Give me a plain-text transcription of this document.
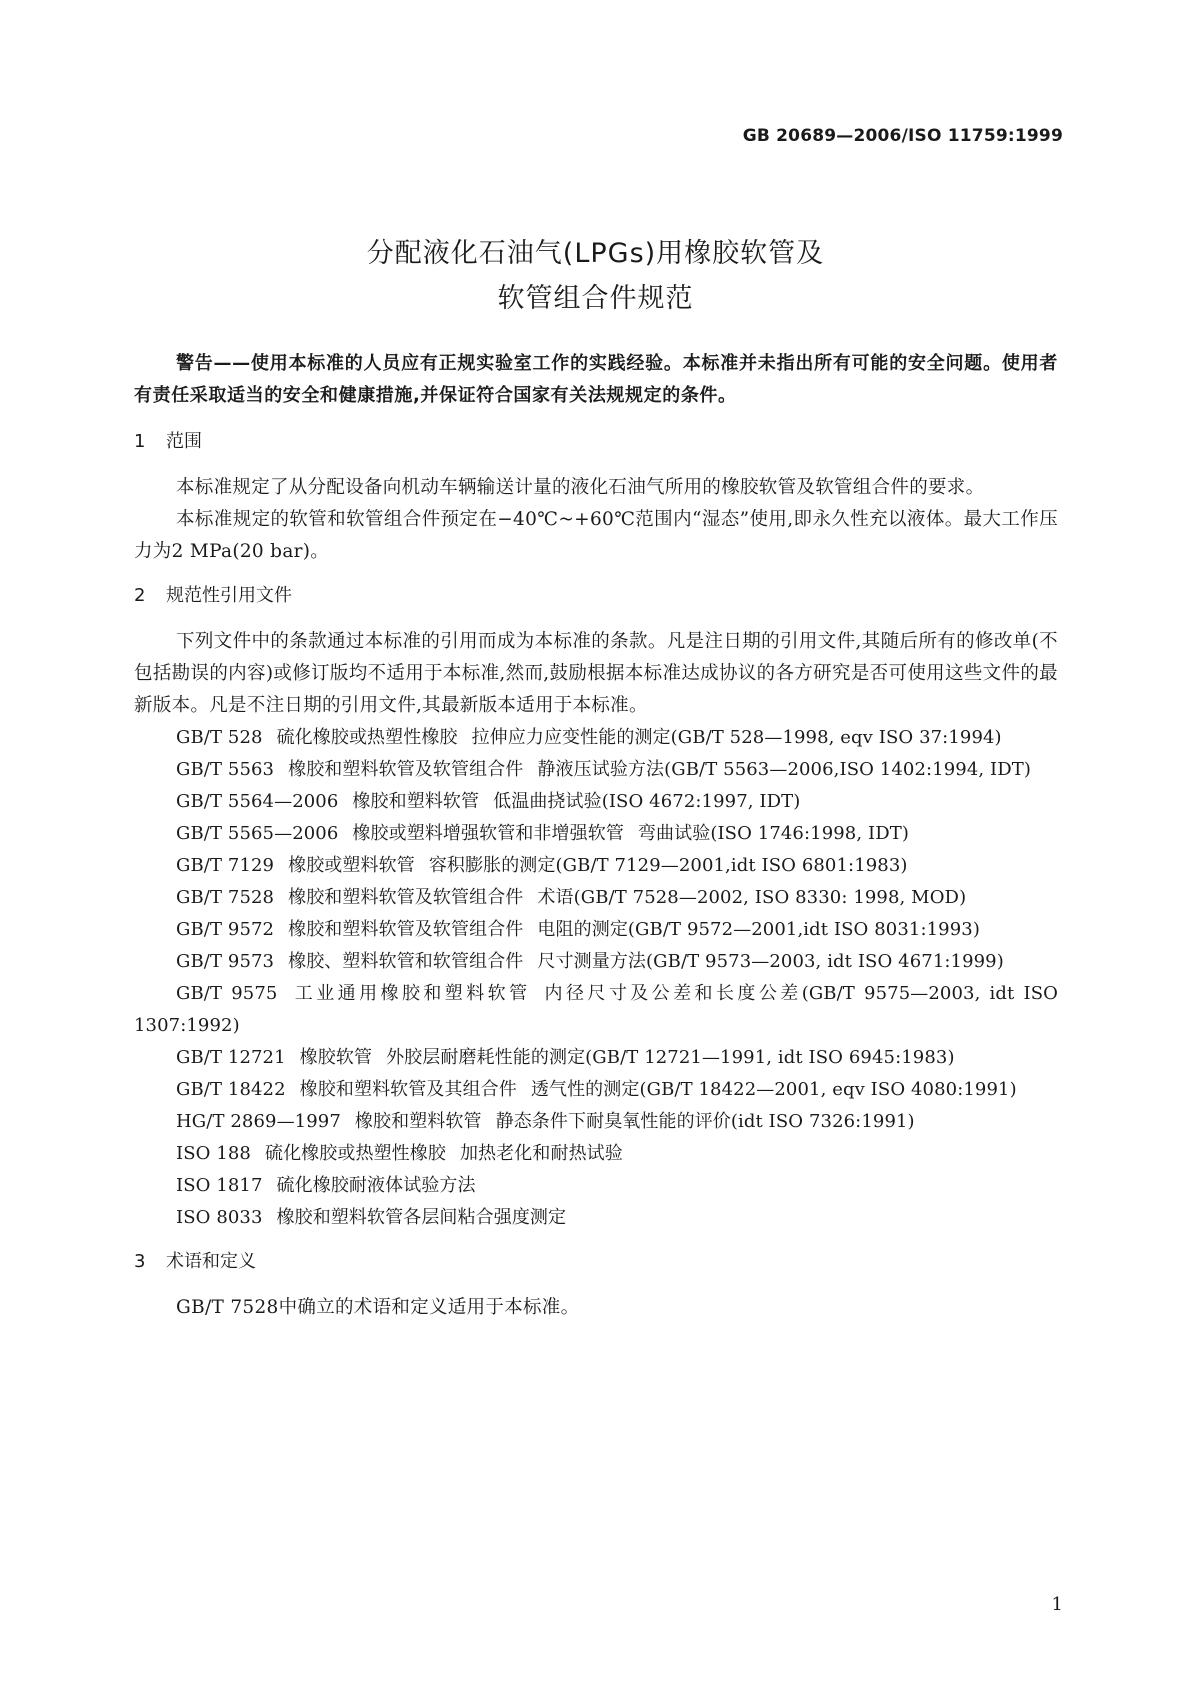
GB 20689—2006/ISO 11759:1999
分配液化石油气(LPGs)用橡胶软管及
软管组合件规范

警告——使用本标准的人员应有正规实验室工作的实践经验。本标准并未指出所有可能的安全问题。使用者有责任采取适当的安全和健康措施,并保证符合国家有关法规规定的条件。

1 范围

本标准规定了从分配设备向机动车辆输送计量的液化石油气所用的橡胶软管及软管组合件的要求。

本标准规定的软管和软管组合件预定在−40℃~+60℃范围内“湿态”使用,即永久性充以液体。最大工作压力为2 MPa(20 bar)。

2 规范性引用文件

下列文件中的条款通过本标准的引用而成为本标准的条款。凡是注日期的引用文件,其随后所有的修改单(不包括勘误的内容)或修订版均不适用于本标准,然而,鼓励根据本标准达成协议的各方研究是否可使用这些文件的最新版本。凡是不注日期的引用文件,其最新版本适用于本标准。

GB/T 528 硫化橡胶或热塑性橡胶 拉伸应力应变性能的测定(GB/T 528—1998, eqv ISO 37:1994)

GB/T 5563 橡胶和塑料软管及软管组合件 静液压试验方法(GB/T 5563—2006,ISO 1402:1994, IDT)

GB/T 5564—2006 橡胶和塑料软管 低温曲挠试验(ISO 4672:1997, IDT)

GB/T 5565—2006 橡胶或塑料增强软管和非增强软管 弯曲试验(ISO 1746:1998, IDT)

GB/T 7129 橡胶或塑料软管 容积膨胀的测定(GB/T 7129—2001,idt ISO 6801:1983)

GB/T 7528 橡胶和塑料软管及软管组合件 术语(GB/T 7528—2002, ISO 8330: 1998, MOD)

GB/T 9572 橡胶和塑料软管及软管组合件 电阻的测定(GB/T 9572—2001,idt ISO 8031:1993)

GB/T 9573 橡胶、塑料软管和软管组合件 尺寸测量方法(GB/T 9573—2003, idt ISO 4671:1999)

GB/T 9575 工业通用橡胶和塑料软管 内径尺寸及公差和长度公差(GB/T 9575—2003, idt ISO 1307:1992)

GB/T 12721 橡胶软管 外胶层耐磨耗性能的测定(GB/T 12721—1991, idt ISO 6945:1983)

GB/T 18422 橡胶和塑料软管及其组合件 透气性的测定(GB/T 18422—2001, eqv ISO 4080:1991)

HG/T 2869—1997 橡胶和塑料软管 静态条件下耐臭氧性能的评价(idt ISO 7326:1991)

ISO 188 硫化橡胶或热塑性橡胶 加热老化和耐热试验

ISO 1817 硫化橡胶耐液体试验方法

ISO 8033 橡胶和塑料软管各层间粘合强度测定

3 术语和定义

GB/T 7528中确立的术语和定义适用于本标准。

1
